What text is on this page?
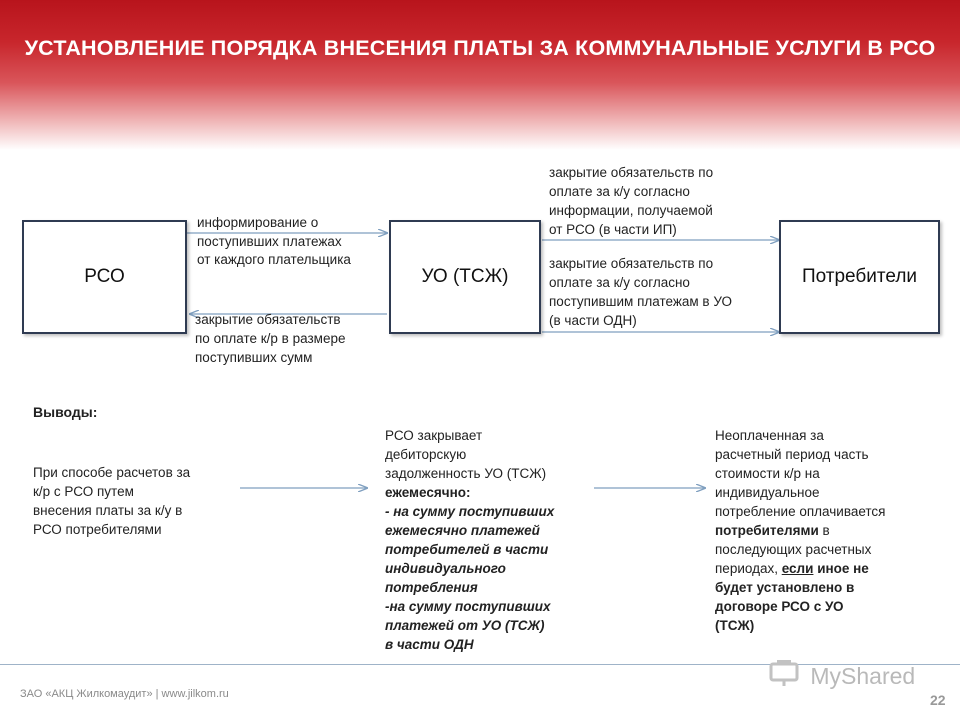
УСТАНОВЛЕНИЕ ПОРЯДКА ВНЕСЕНИЯ ПЛАТЫ ЗА КОММУНАЛЬНЫЕ УСЛУГИ В РСО
РСО	УО (ТСЖ)	Потребители
информирование о
поступивших платежах
от каждого плательщика
закрытие обязательств
по оплате к/р в размере
поступивших сумм
закрытие обязательств по
оплате за к/у согласно
информации, получаемой
от РСО (в части ИП)
закрытие обязательств по
оплате за к/у согласно
поступившим платежам в УО
(в части ОДН)
Выводы:
При способе расчетов за
к/р с РСО путем
внесения платы за к/у в
РСО потребителями
РСО закрывает
дебиторскую
задолженность УО (ТСЖ)
ежемесячно:
- на сумму поступивших
ежемесячно платежей
потребителей в части
индивидуального
потребления
-на сумму поступивших
платежей от УО (ТСЖ)
в части ОДН
Неоплаченная за
расчетный период часть
стоимости к/р на
индивидуальное
потребление оплачивается
потребителями в
последующих расчетных
периодах, если иное не
будет установлено в
договоре РСО с УО
(ТСЖ)
ЗАО «АКЦ Жилкомаудит» | www.jilkom.ru
MyShared
22
